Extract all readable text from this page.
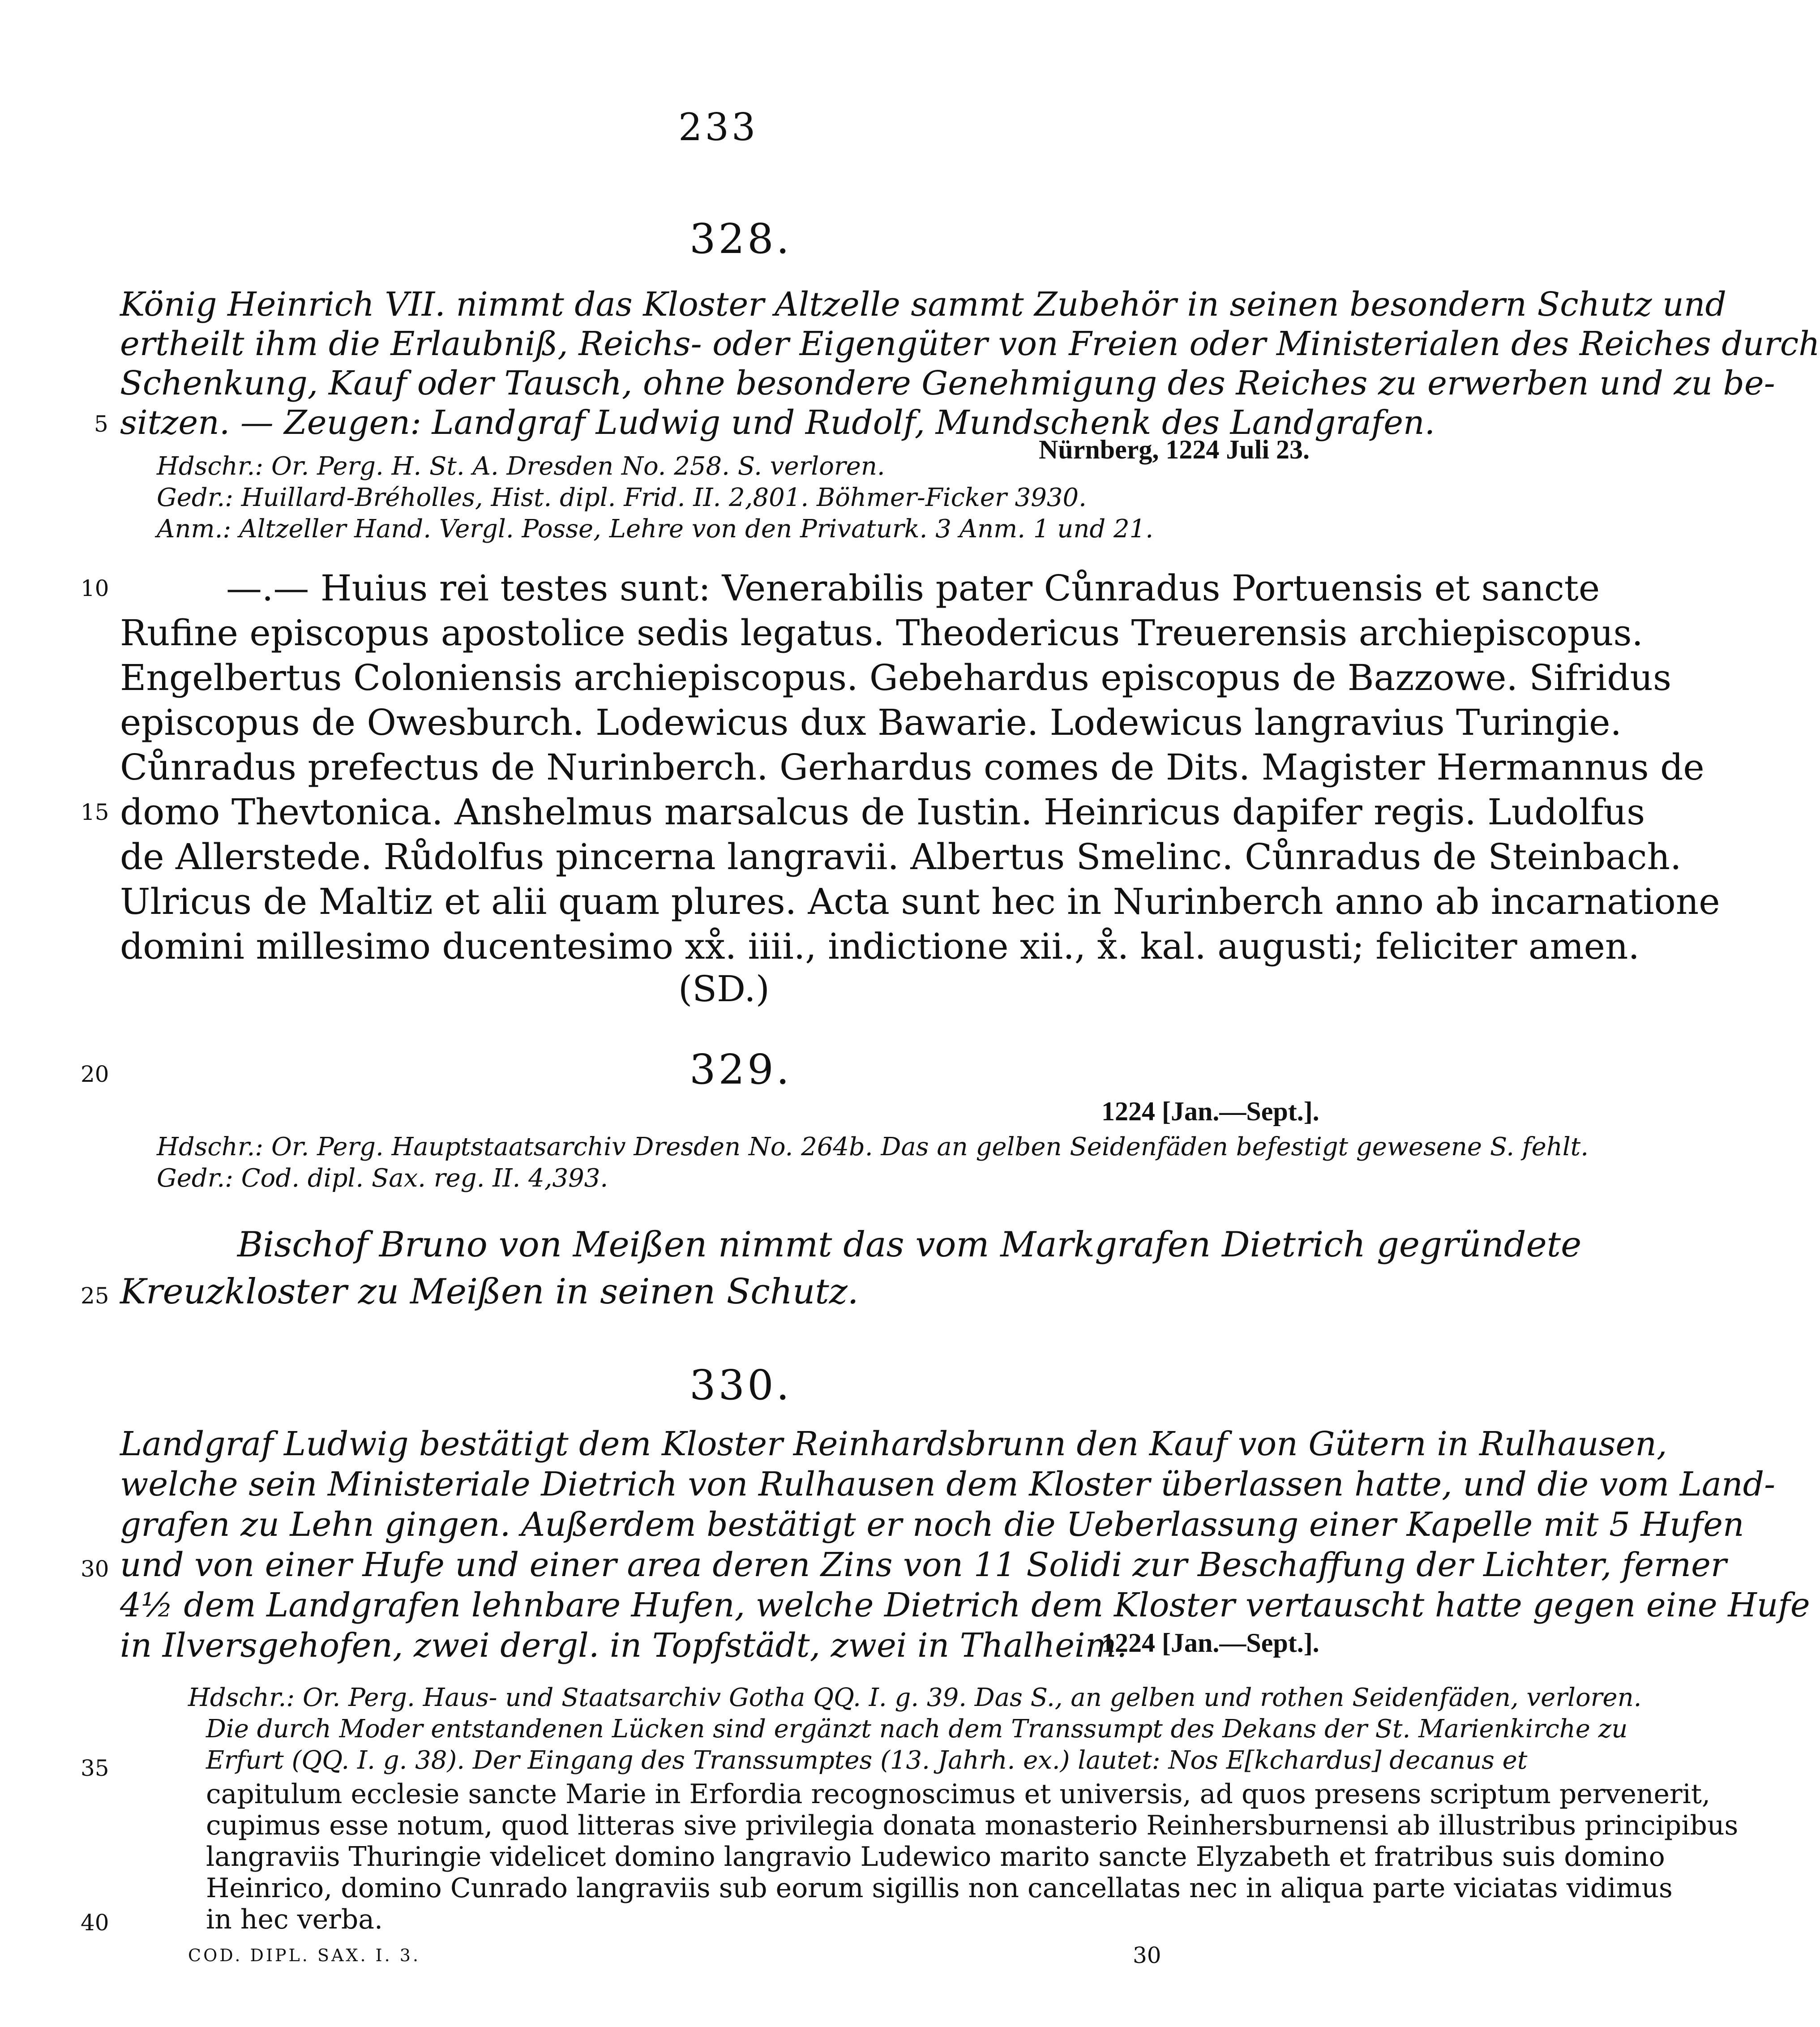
233
328.
König Heinrich VII. nimmt das Kloster Altzelle sammt Zubehör in seinen besondern Schutz und
ertheilt ihm die Erlaubniß, Reichs- oder Eigengüter von Freien oder Ministerialen des Reiches durch
Schenkung, Kauf oder Tausch, ohne besondere Genehmigung des Reiches zu erwerben und zu be-
sitzen. — Zeugen: Landgraf Ludwig und Rudolf, Mundschenk des Landgrafen.
Nürnberg, 1224 Juli 23.
Hdschr.: Or. Perg. H. St. A. Dresden No. 258. S. verloren.
Gedr.: Huillard-Bréholles, Hist. dipl. Frid. II. 2,801. Böhmer-Ficker 3930.
Anm.: Altzeller Hand. Vergl. Posse, Lehre von den Privaturk. 3 Anm. 1 und 21.
—.— Huius rei testes sunt: Venerabilis pater Cůnradus Portuensis et sancte
Rufine episcopus apostolice sedis legatus. Theodericus Treuerensis archiepiscopus.
Engelbertus Coloniensis archiepiscopus. Gebehardus episcopus de Bazzowe. Sifridus
episcopus de Owesburch. Lodewicus dux Bawarie. Lodewicus langravius Turingie.
Cůnradus prefectus de Nurinberch. Gerhardus comes de Dits. Magister Hermannus de
domo Thevtonica. Anshelmus marsalcus de Iustin. Heinricus dapifer regis. Ludolfus
de Allerstede. Růdolfus pincerna langravii. Albertus Smelinc. Cůnradus de Steinbach.
Ulricus de Maltiz et alii quam plures. Acta sunt hec in Nurinberch anno ab incarnatione
domini millesimo ducentesimo xx̊. iiii., indictione xii., x̊. kal. augusti; feliciter amen.
(SD.)
329.
1224 [Jan.—Sept.].
Hdschr.: Or. Perg. Hauptstaatsarchiv Dresden No. 264b. Das an gelben Seidenfäden befestigt gewesene S. fehlt.
Gedr.: Cod. dipl. Sax. reg. II. 4,393.
Bischof Bruno von Meißen nimmt das vom Markgrafen Dietrich gegründete
Kreuzkloster zu Meißen in seinen Schutz.
330.
Landgraf Ludwig bestätigt dem Kloster Reinhardsbrunn den Kauf von Gütern in Rulhausen,
welche sein Ministeriale Dietrich von Rulhausen dem Kloster überlassen hatte, und die vom Land-
grafen zu Lehn gingen. Außerdem bestätigt er noch die Ueberlassung einer Kapelle mit 5 Hufen
und von einer Hufe und einer area deren Zins von 11 Solidi zur Beschaffung der Lichter, ferner
4½ dem Landgrafen lehnbare Hufen, welche Dietrich dem Kloster vertauscht hatte gegen eine Hufe
in Ilversgehofen, zwei dergl. in Topfstädt, zwei in Thalheim.
1224 [Jan.—Sept.].
Hdschr.: Or. Perg. Haus- und Staatsarchiv Gotha QQ. I. g. 39. Das S., an gelben und rothen Seidenfäden, verloren.
Die durch Moder entstandenen Lücken sind ergänzt nach dem Transsumpt des Dekans der St. Marienkirche zu
Erfurt (QQ. I. g. 38). Der Eingang des Transsumptes (13. Jahrh. ex.) lautet: Nos E[kchardus] decanus et
capitulum ecclesie sancte Marie in Erfordia recognoscimus et universis, ad quos presens scriptum pervenerit,
cupimus esse notum, quod litteras sive privilegia donata monasterio Reinhersburnensi ab illustribus principibus
langraviis Thuringie videlicet domino langravio Ludewico marito sancte Elyzabeth et fratribus suis domino
Heinrico, domino Cunrado langraviis sub eorum sigillis non cancellatas nec in aliqua parte viciatas vidimus
in hec verba.
5
10
15
20
25
30
35
40
COD. DIPL. SAX. I. 3.	30
